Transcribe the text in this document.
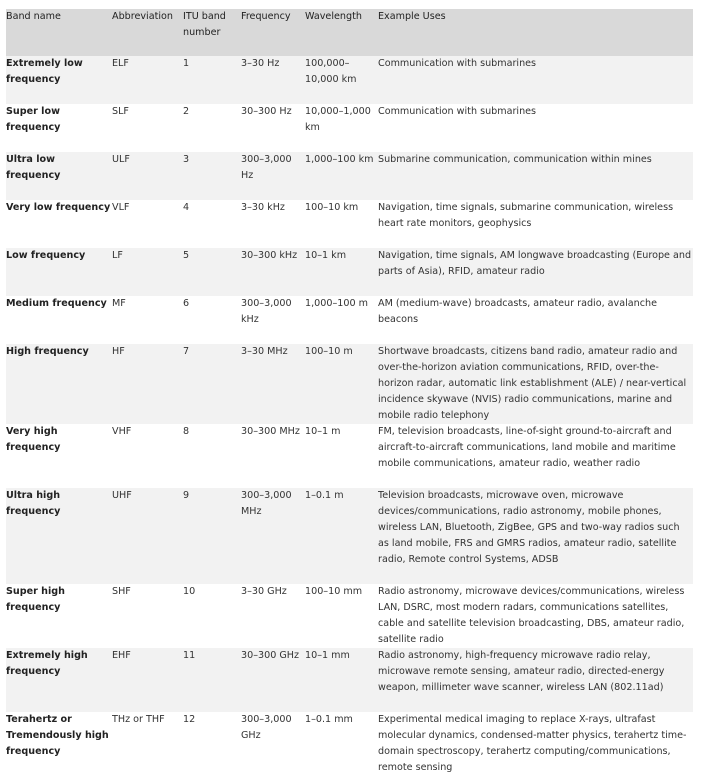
Band name	Abbreviation	ITU band number	Frequency	Wavelength	Example Uses
Extremely low frequency	ELF	1	3–30 Hz	100,000–10,000 km	Communication with submarines
Super low frequency	SLF	2	30–300 Hz	10,000–1,000 km	Communication with submarines
Ultra low frequency	ULF	3	300–3,000 Hz	1,000–100 km	Submarine communication, communication within mines
Very low frequency	VLF	4	3–30 kHz	100–10 km	Navigation, time signals, submarine communication, wireless heart rate monitors, geophysics
Low frequency	LF	5	30–300 kHz	10–1 km	Navigation, time signals, AM longwave broadcasting (Europe and parts of Asia), RFID, amateur radio
Medium frequency	MF	6	300–3,000 kHz	1,000–100 m	AM (medium-wave) broadcasts, amateur radio, avalanche beacons
High frequency	HF	7	3–30 MHz	100–10 m	Shortwave broadcasts, citizens band radio, amateur radio and over-the-horizon aviation communications, RFID, over-the-horizon radar, automatic link establishment (ALE) / near-vertical incidence skywave (NVIS) radio communications, marine and mobile radio telephony
Very high frequency	VHF	8	30–300 MHz	10–1 m	FM, television broadcasts, line-of-sight ground-to-aircraft and aircraft-to-aircraft communications, land mobile and maritime mobile communications, amateur radio, weather radio
Ultra high frequency	UHF	9	300–3,000 MHz	1–0.1 m	Television broadcasts, microwave oven, microwave devices/communications, radio astronomy, mobile phones, wireless LAN, Bluetooth, ZigBee, GPS and two-way radios such as land mobile, FRS and GMRS radios, amateur radio, satellite radio, Remote control Systems, ADSB
Super high frequency	SHF	10	3–30 GHz	100–10 mm	Radio astronomy, microwave devices/communications, wireless LAN, DSRC, most modern radars, communications satellites, cable and satellite television broadcasting, DBS, amateur radio, satellite radio
Extremely high frequency	EHF	11	30–300 GHz	10–1 mm	Radio astronomy, high-frequency microwave radio relay, microwave remote sensing, amateur radio, directed-energy weapon, millimeter wave scanner, wireless LAN (802.11ad)
Terahertz or Tremendously high frequency	THz or THF	12	300–3,000 GHz	1–0.1 mm	Experimental medical imaging to replace X-rays, ultrafast molecular dynamics, condensed-matter physics, terahertz time-domain spectroscopy, terahertz computing/communications, remote sensing
